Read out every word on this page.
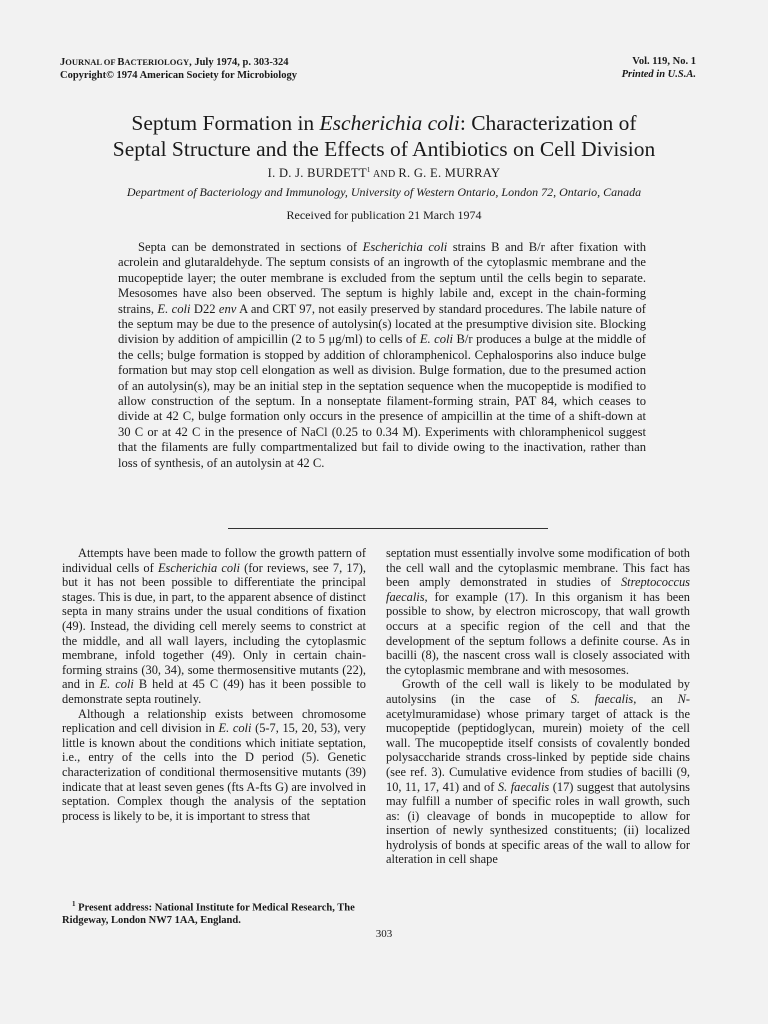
JOURNAL OF BACTERIOLOGY, July 1974, p. 303-324
Copyright© 1974 American Society for Microbiology
Vol. 119, No. 1
Printed in U.S.A.
Septum Formation in Escherichia coli: Characterization of
Septal Structure and the Effects of Antibiotics on Cell Division
I. D. J. BURDETT$^1$ AND R. G. E. MURRAY
Department of Bacteriology and Immunology, University of Western Ontario, London 72, Ontario, Canada
Received for publication 21 March 1974
Septa can be demonstrated in sections of Escherichia coli strains B and B/r after fixation with acrolein and glutaraldehyde. The septum consists of an ingrowth of the cytoplasmic membrane and the mucopeptide layer; the outer membrane is excluded from the septum until the cells begin to separate. Mesosomes have also been observed. The septum is highly labile and, except in the chain-forming strains, E. coli D22 env A and CRT 97, not easily preserved by standard procedures. The labile nature of the septum may be due to the presence of autolysin(s) located at the presumptive division site. Blocking division by addition of ampicillin (2 to 5 μg/ml) to cells of E. coli B/r produces a bulge at the middle of the cells; bulge formation is stopped by addition of chloramphenicol. Cephalosporins also induce bulge formation but may stop cell elongation as well as division. Bulge formation, due to the presumed action of an autolysin(s), may be an initial step in the septation sequence when the mucopeptide is modified to allow construction of the septum. In a nonseptate filament-forming strain, PAT 84, which ceases to divide at 42 C, bulge formation only occurs in the presence of ampicillin at the time of a shift-down at 30 C or at 42 C in the presence of NaCl (0.25 to 0.34 M). Experiments with chloramphenicol suggest that the filaments are fully compartmentalized but fail to divide owing to the inactivation, rather than loss of synthesis, of an autolysin at 42 C.

Attempts have been made to follow the growth pattern of individual cells of Escherichia coli (for reviews, see 7, 17), but it has not been possible to differentiate the principal stages. This is due, in part, to the apparent absence of distinct septa in many strains under the usual conditions of fixation (49). Instead, the dividing cell merely seems to constrict at the middle, and all wall layers, including the cytoplasmic membrane, infold together (49). Only in certain chain-forming strains (30, 34), some thermosensitive mutants (22), and in E. coli B held at 45 C (49) has it been possible to demonstrate septa routinely.

Although a relationship exists between chromosome replication and cell division in E. coli (5-7, 15, 20, 53), very little is known about the conditions which initiate septation, i.e., entry of the cells into the D period (5). Genetic characterization of conditional thermosensitive mutants (39) indicate that at least seven genes (fts A-fts G) are involved in septation. Complex though the analysis of the septation process is likely to be, it is important to stress that

septation must essentially involve some modification of both the cell wall and the cytoplasmic membrane. This fact has been amply demonstrated in studies of Streptococcus faecalis, for example (17). In this organism it has been possible to show, by electron microscopy, that wall growth occurs at a specific region of the cell and that the development of the septum follows a definite course. As in bacilli (8), the nascent cross wall is closely associated with the cytoplasmic membrane and with mesosomes.

Growth of the cell wall is likely to be modulated by autolysins (in the case of S. faecalis, an N-acetylmuramidase) whose primary target of attack is the mucopeptide (peptidoglycan, murein) moiety of the cell wall. The mucopeptide itself consists of covalently bonded polysaccharide strands cross-linked by peptide side chains (see ref. 3). Cumulative evidence from studies of bacilli (9, 10, 11, 17, 41) and of S. faecalis (17) suggest that autolysins may fulfill a number of specific roles in wall growth, such as: (i) cleavage of bonds in mucopeptide to allow for insertion of newly synthesized constituents; (ii) localized hydrolysis of bonds at specific areas of the wall to allow for alteration in cell shape

$^1$ Present address: National Institute for Medical Research, The Ridgeway, London NW7 1AA, England.

303
